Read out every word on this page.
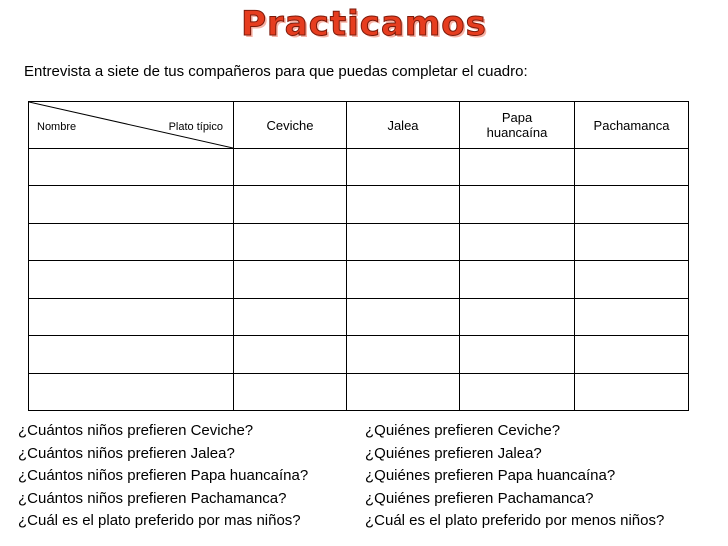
Practicamos
Entrevista a siete de tus compañeros para que puedas completar el cuadro:
Nombre Plato típico	Ceviche	Jalea	Papa huancaína	Pachamanca

¿Cuántos niños prefieren Ceviche?
¿Cuántos niños prefieren Jalea?
¿Cuántos niños prefieren Papa huancaína?
¿Cuántos niños prefieren Pachamanca?
¿Cuál es el plato preferido por mas niños?
¿Quiénes prefieren Ceviche?
¿Quiénes prefieren Jalea?
¿Quiénes prefieren Papa huancaína?
¿Quiénes prefieren Pachamanca?
¿Cuál es el plato preferido por menos niños?
